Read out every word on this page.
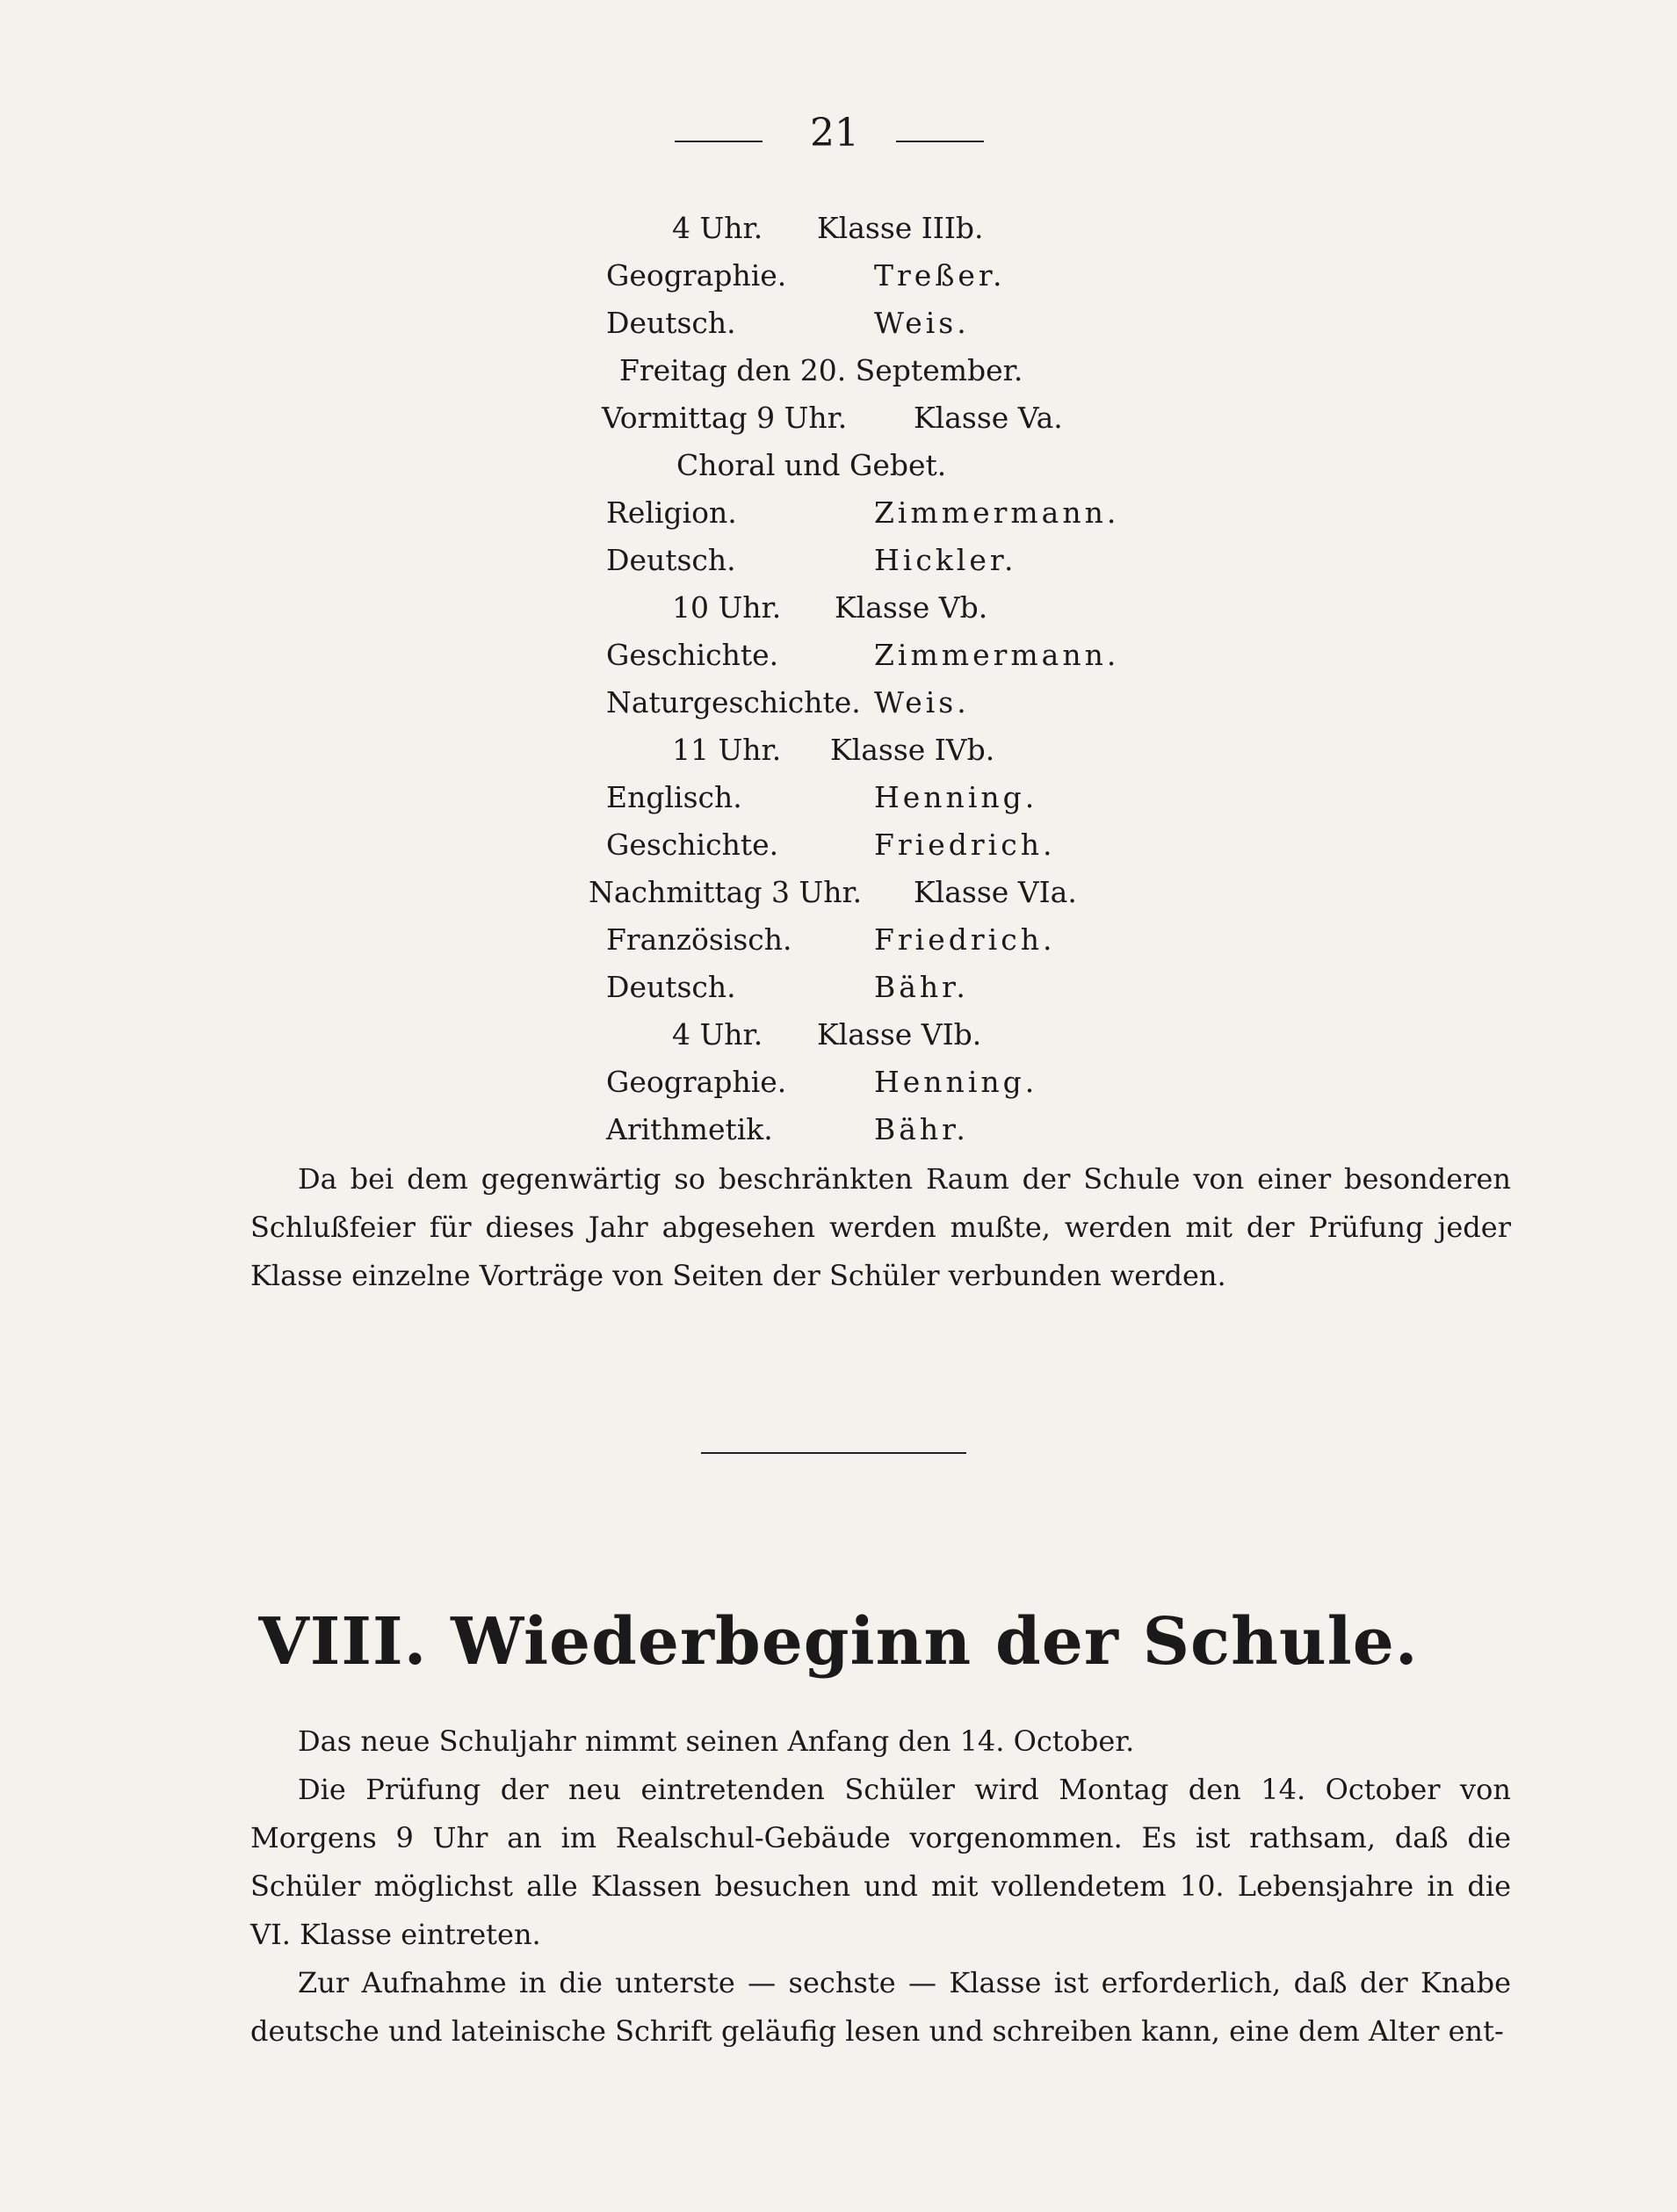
21
4 Uhr. Klasse IIIb.
Geographie.	Treßer.
Deutsch.	Weis.
Freitag den 20. September.
Vormittag 9 Uhr. Klasse Va.
Choral und Gebet.
Religion.	Zimmermann.
Deutsch.	Hickler.
10 Uhr. Klasse Vb.
Geschichte.	Zimmermann.
Naturgeschichte. Weis.
11 Uhr. Klasse IVb.
Englisch.	Henning.
Geschichte.	Friedrich.
Nachmittag 3 Uhr. Klasse VIa.
Französisch.	Friedrich.
Deutsch.	Bähr.
4 Uhr. Klasse VIb.
Geographie.	Henning.
Arithmetik.	Bähr.

Da bei dem gegenwärtig so beschränkten Raum der Schule von einer besonderen Schlußfeier für dieses Jahr abgesehen werden mußte, werden mit der Prüfung jeder Klasse einzelne Vorträge von Seiten der Schüler verbunden werden.

VIII. Wiederbeginn der Schule.

Das neue Schuljahr nimmt seinen Anfang den 14. October.

Die Prüfung der neu eintretenden Schüler wird Montag den 14. October von Morgens 9 Uhr an im Realschul-Gebäude vorgenommen. Es ist rathsam, daß die Schüler möglichst alle Klassen besuchen und mit vollendetem 10. Lebensjahre in die VI. Klasse eintreten.

Zur Aufnahme in die unterste — sechste — Klasse ist erforderlich, daß der Knabe deutsche und lateinische Schrift geläufig lesen und schreiben kann, eine dem Alter ent-
